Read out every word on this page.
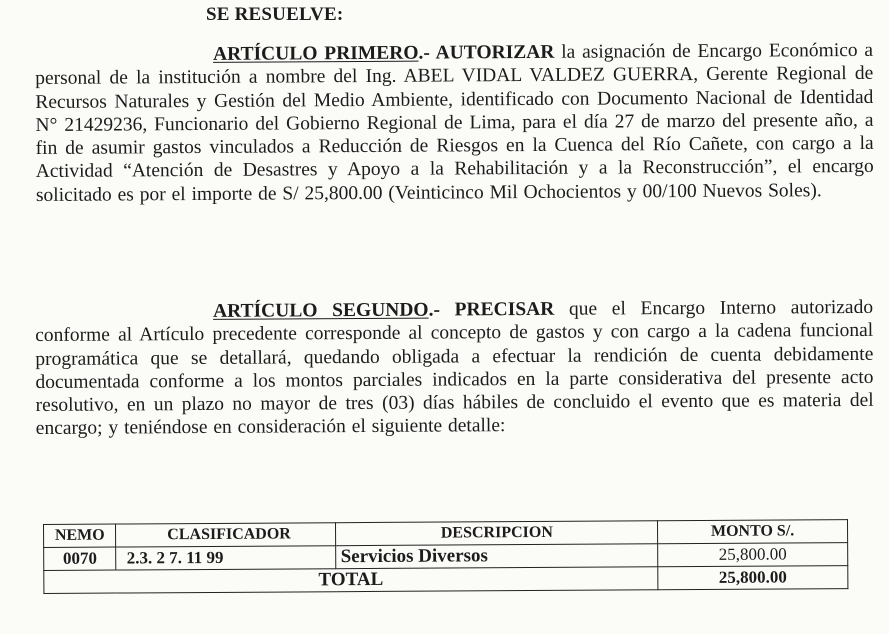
SE RESUELVE:

ARTÍCULO PRIMERO.- AUTORIZAR la asignación de Encargo Económico a personal de la institución a nombre del Ing. ABEL VIDAL VALDEZ GUERRA, Gerente Regional de Recursos Naturales y Gestión del Medio Ambiente, identificado con Documento Nacional de Identidad N° 21429236, Funcionario del Gobierno Regional de Lima, para el día 27 de marzo del presente año, a fin de asumir gastos vinculados a Reducción de Riesgos en la Cuenca del Río Cañete, con cargo a la Actividad “Atención de Desastres y Apoyo a la Rehabilitación y a la Reconstrucción”, el encargo solicitado es por el importe de S/ 25,800.00 (Veinticinco Mil Ochocientos y 00/100 Nuevos Soles).

ARTÍCULO SEGUNDO.- PRECISAR que el Encargo Interno autorizado conforme al Artículo precedente corresponde al concepto de gastos y con cargo a la cadena funcional programática que se detallará, quedando obligada a efectuar la rendición de cuenta debidamente documentada conforme a los montos parciales indicados en la parte considerativa del presente acto resolutivo, en un plazo no mayor de tres (03) días hábiles de concluido el evento que es materia del encargo; y teniéndose en consideración el siguiente detalle:

NEMO	CLASIFICADOR	DESCRIPCION	MONTO S/.
0070	2.3. 2 7. 11 99	Servicios Diversos	25,800.00
TOTAL			25,800.00
